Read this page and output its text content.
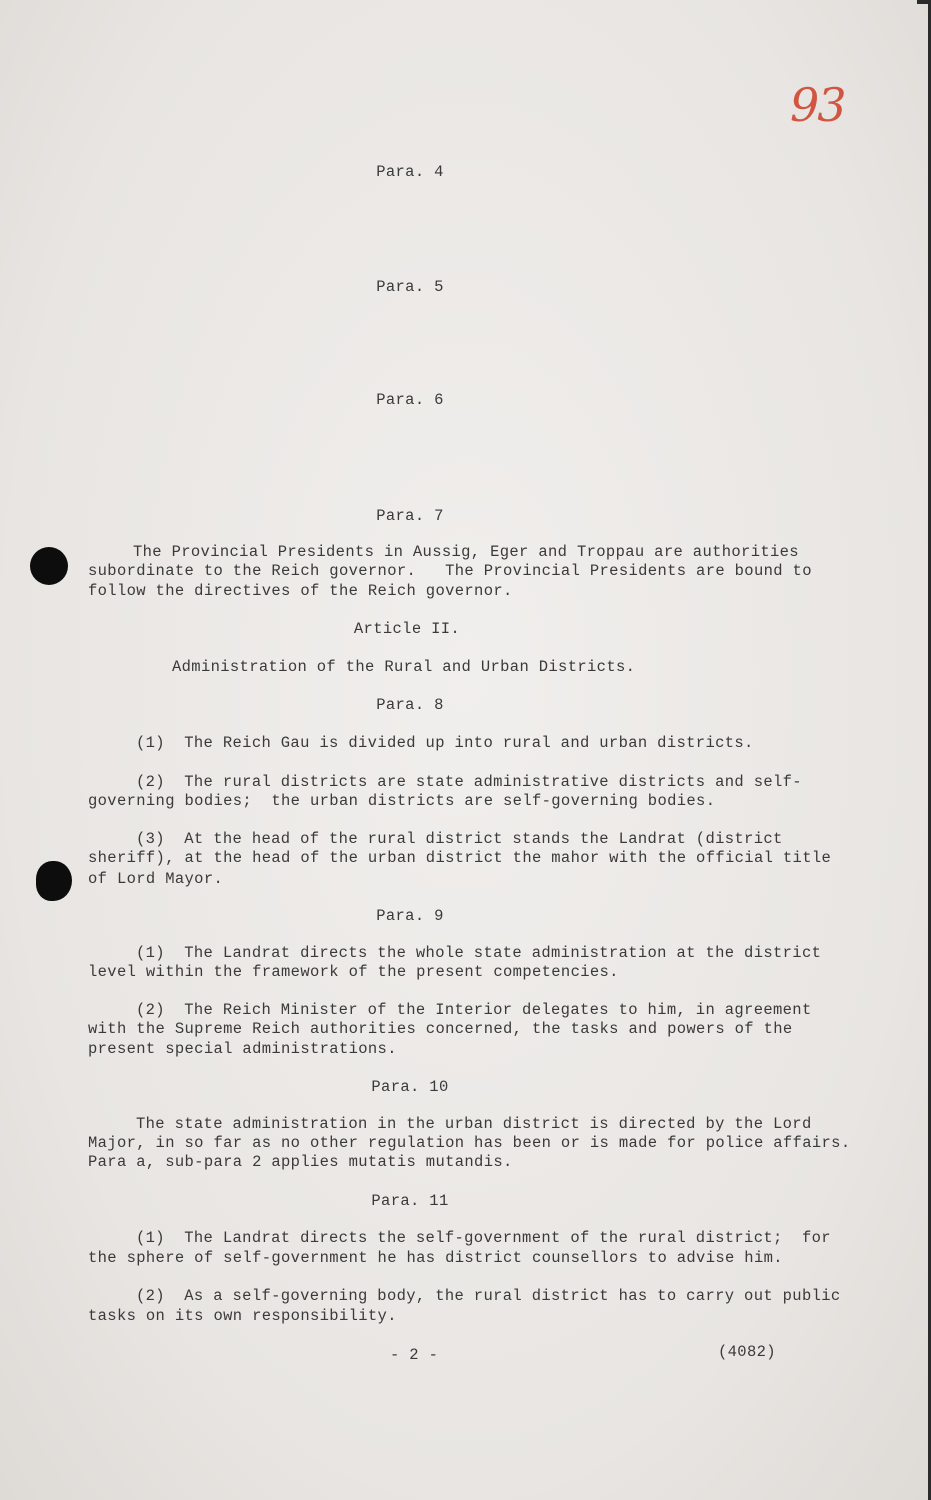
93
Para. 4
Para. 5
Para. 6
Para. 7
The Provincial Presidents in Aussig, Eger and Troppau are authorities
subordinate to the Reich governor.   The Provincial Presidents are bound to
follow the directives of the Reich governor.
Article II.
Administration of the Rural and Urban Districts.
Para. 8
(1)  The Reich Gau is divided up into rural and urban districts.
(2)  The rural districts are state administrative districts and self-
governing bodies;  the urban districts are self-governing bodies.
(3)  At the head of the rural district stands the Landrat (district
sheriff), at the head of the urban district the mahor with the official title
of Lord Mayor.
Para. 9
(1)  The Landrat directs the whole state administration at the district
level within the framework of the present competencies.
(2)  The Reich Minister of the Interior delegates to him, in agreement
with the Supreme Reich authorities concerned, the tasks and powers of the
present special administrations.
Para. 10
The state administration in the urban district is directed by the Lord
Major, in so far as no other regulation has been or is made for police affairs.
Para a, sub-para 2 applies mutatis mutandis.
Para. 11
(1)  The Landrat directs the self-government of the rural district;  for
the sphere of self-government he has district counsellors to advise him.
(2)  As a self-governing body, the rural district has to carry out public
tasks on its own responsibility.
- 2 -	(4082)
